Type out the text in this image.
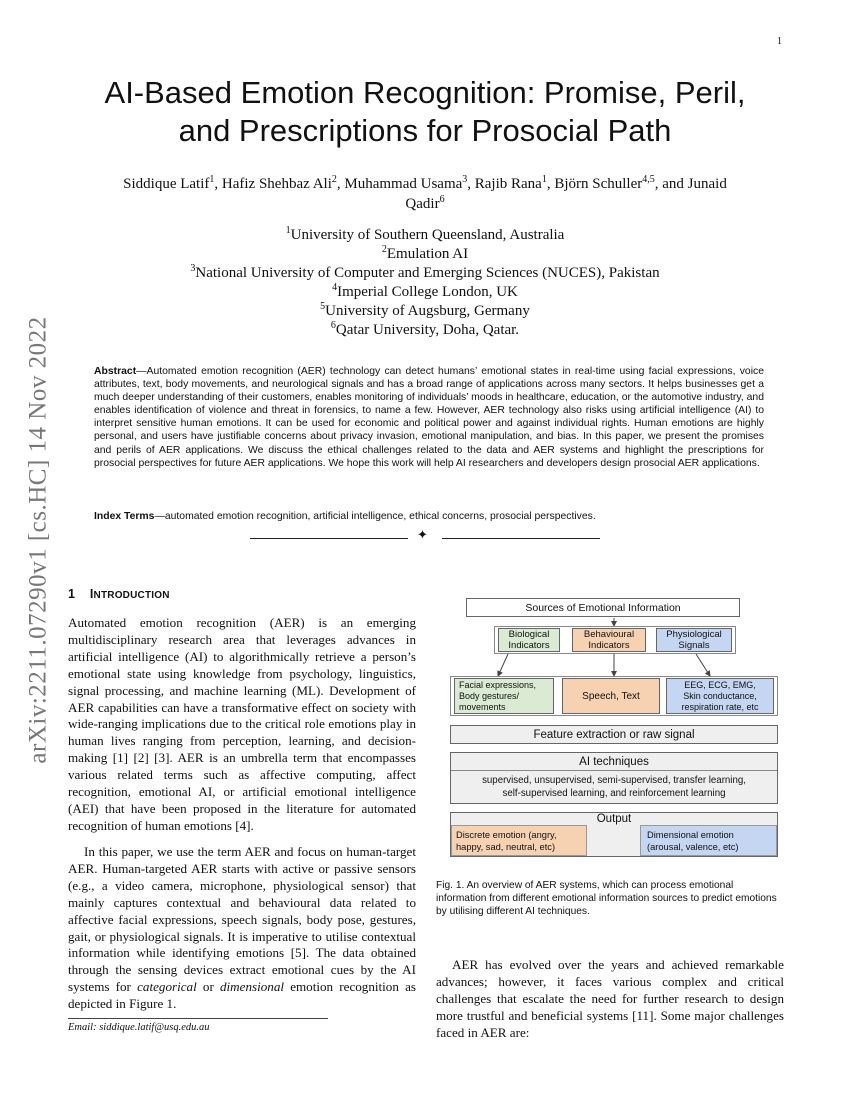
1
arXiv:2211.07290v1 [cs.HC] 14 Nov 2022
AI-Based Emotion Recognition: Promise, Peril,
and Prescriptions for Prosocial Path
Siddique Latif$^1$, Hafiz Shehbaz Ali$^2$, Muhammad Usama$^3$, Rajib Rana$^1$, Björn Schuller$^{4,5}$, and Junaid
Qadir$^6$
$^1$University of Southern Queensland, Australia
$^2$Emulation AI
$^3$National University of Computer and Emerging Sciences (NUCES), Pakistan
$^4$Imperial College London, UK
$^5$University of Augsburg, Germany
$^6$Qatar University, Doha, Qatar.
Abstract—Automated emotion recognition (AER) technology can detect humans’ emotional states in real-time using facial expressions, voice attributes, text, body movements, and neurological signals and has a broad range of applications across many sectors. It helps businesses get a much deeper understanding of their customers, enables monitoring of individuals’ moods in healthcare, education, or the automotive industry, and enables identification of violence and threat in forensics, to name a few. However, AER technology also risks using artificial intelligence (AI) to interpret sensitive human emotions. It can be used for economic and political power and against individual rights. Human emotions are highly personal, and users have justifiable concerns about privacy invasion, emotional manipulation, and bias. In this paper, we present the promises and perils of AER applications. We discuss the ethical challenges related to the data and AER systems and highlight the prescriptions for prosocial perspectives for future AER applications. We hope this work will help AI researchers and developers design prosocial AER applications.
Index Terms—automated emotion recognition, artificial intelligence, ethical concerns, prosocial perspectives.
✦
1 INTRODUCTION
Automated emotion recognition (AER) is an emerging multidisciplinary research area that leverages advances in artificial intelligence (AI) to algorithmically retrieve a person’s emotional state using knowledge from psychology, linguistics, signal processing, and machine learning (ML). Development of AER capabilities can have a transformative effect on society with wide-ranging implications due to the critical role emotions play in human lives ranging from perception, learning, and decision-making [1] [2] [3]. AER is an umbrella term that encompasses various related terms such as affective computing, affect recognition, emotional AI, or artificial emotional intelligence (AEI) that have been proposed in the literature for automated recognition of human emotions [4].
In this paper, we use the term AER and focus on human-target AER. Human-targeted AER starts with active or passive sensors (e.g., a video camera, microphone, physiological sensor) that mainly captures contextual and behavioural data related to affective facial expressions, speech signals, body pose, gestures, gait, or physiological signals. It is imperative to utilise contextual information while identifying emotions [5]. The data obtained through the sensing devices extract emotional cues by the AI systems for categorical or dimensional emotion recognition as depicted in Figure 1.
Email: siddique.latif@usq.edu.au
Sources of Emotional Information
Biological
Indicators
Behavioural
Indicators
Physiological
Signals
Facial expressions,
Body gestures/
movements
Speech, Text
EEG, ECG, EMG,
Skin conductance,
respiration rate, etc
Feature extraction or raw signal
AI techniques
supervised, unsupervised, semi-supervised, transfer learning,
self-supervised learning, and reinforcement learning
Output
Discrete emotion (angry,
happy, sad, neutral, etc)
Dimensional emotion
(arousal, valence, etc)
Fig. 1. An overview of AER systems, which can process emotional information from different emotional information sources to predict emotions by utilising different AI techniques.
AER has evolved over the years and achieved remarkable advances; however, it faces various complex and critical challenges that escalate the need for further research to design more trustful and beneficial systems [11]. Some major challenges faced in AER are:
